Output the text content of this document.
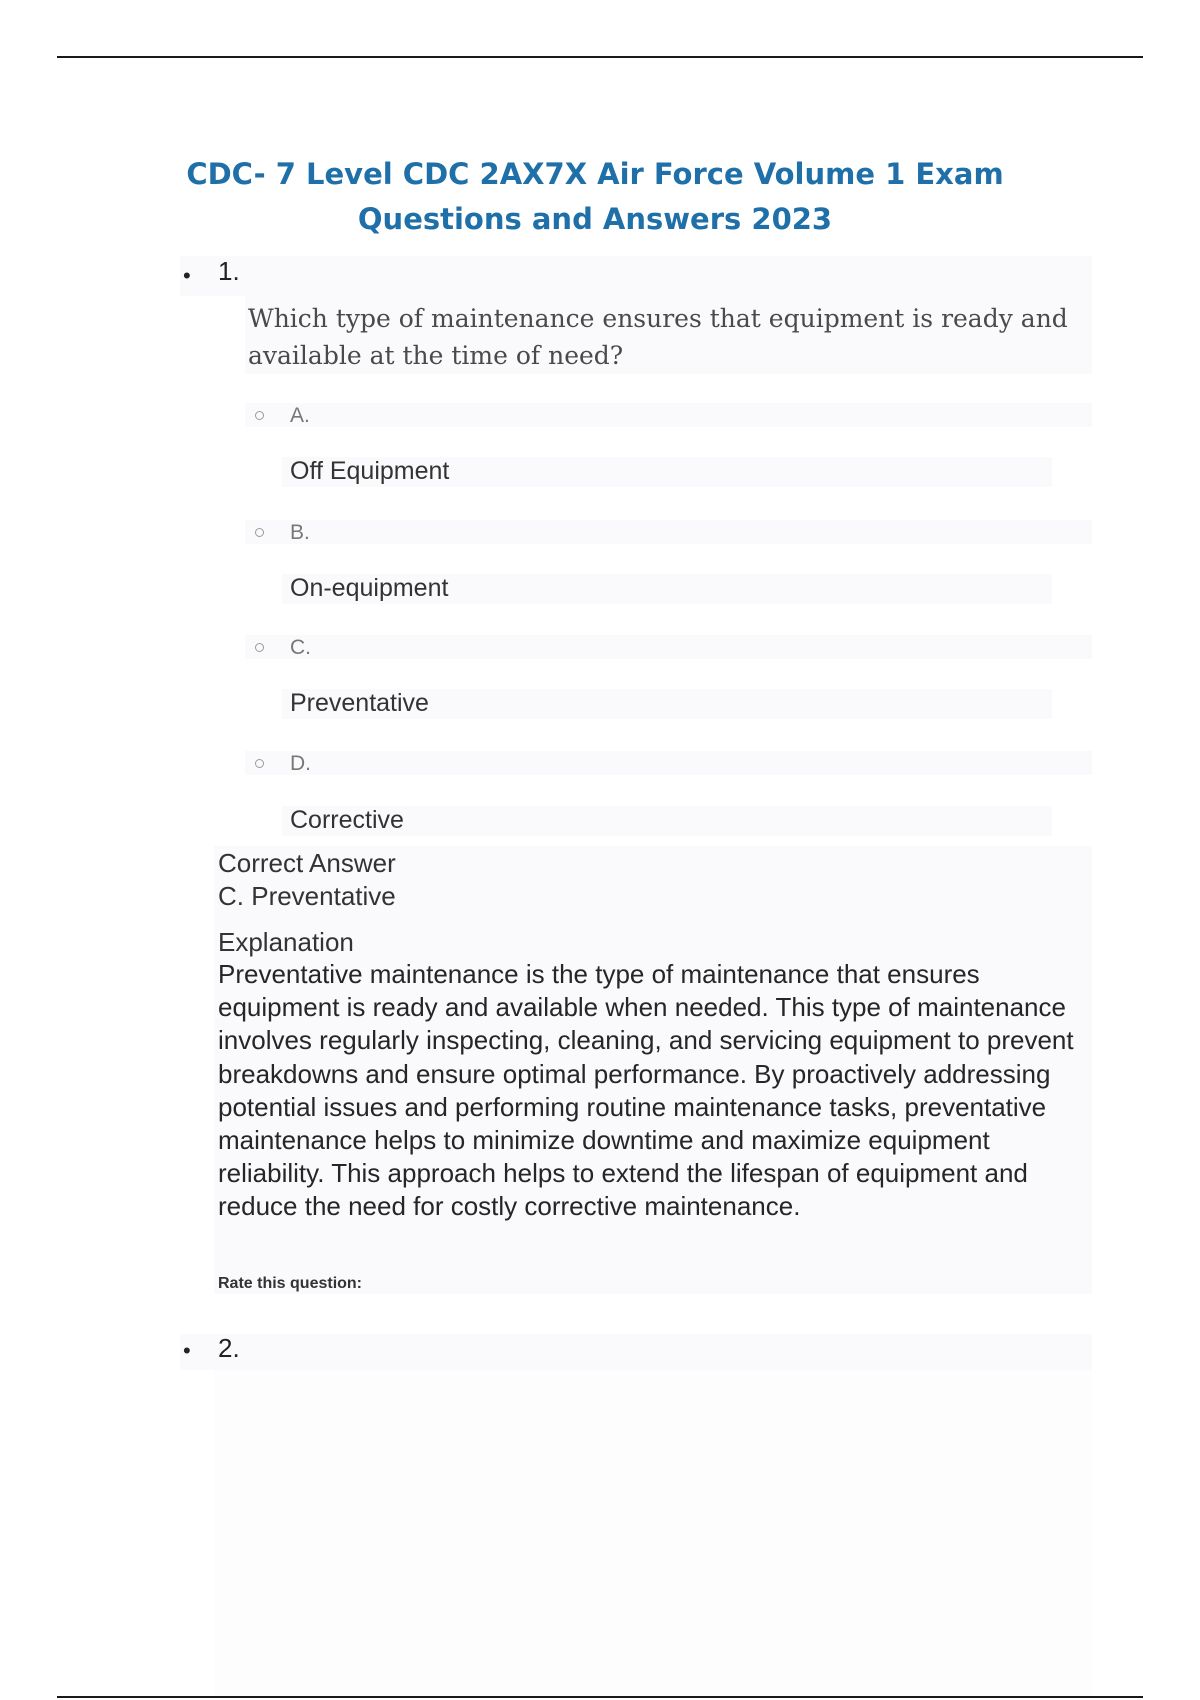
CDC- 7 Level CDC 2AX7X Air Force Volume 1 Exam
Questions and Answers 2023
• 1.

Which type of maintenance ensures that equipment is ready and available at the time of need?

A.
Off Equipment
B.
On-equipment
C.
Preventative
D.
Corrective
Correct Answer
C. Preventative
Explanation

Preventative maintenance is the type of maintenance that ensures equipment is ready and available when needed. This type of maintenance involves regularly inspecting, cleaning, and servicing equipment to prevent breakdowns and ensure optimal performance. By proactively addressing potential issues and performing routine maintenance tasks, preventative maintenance helps to minimize downtime and maximize equipment reliability. This approach helps to extend the lifespan of equipment and reduce the need for costly corrective maintenance.

Rate this question:
• 2.
